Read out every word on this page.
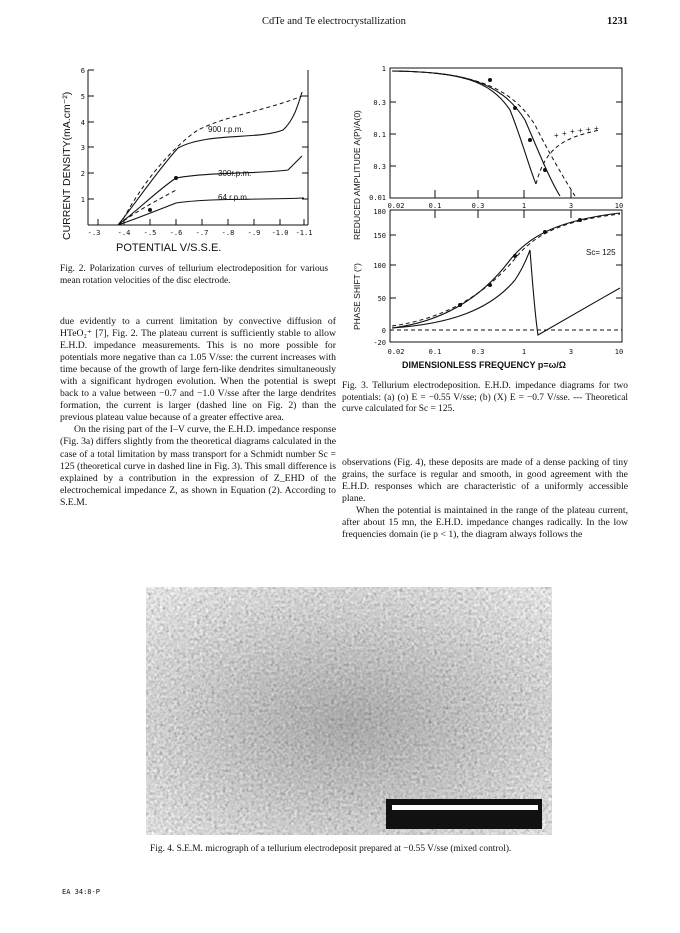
CdTe and Te electrocrystallization	1231
CURRENT DENSITY(mA.cm⁻²) 1
2
3
4
5
6
-.3 -.4 -.5 -.6 -.7 -.8 -.9 -1.0 -1.1
POTENTIAL V/S.S.E.
900 r.p.m.
300r.p.m.
64 r.p.m.
Fig. 2. Polarization curves of tellurium electrodeposition for various mean rotation velocities of the disc electrode.
REDUCED AMPLITUDE A(P)/A(0)
1
0.3
0.1
0.3
0.01
0.02	0.1	0.3	1	3	10
+ + + + + +
PHASE SHIFT (°)
180
150
100
50
0
-20
0.02	0.1	0.3	1	3	10
Sc= 125
DIMENSIONLESS FREQUENCY p=ω/Ω
Fig. 3. Tellurium electrodeposition. E.H.D. impedance diagrams for two potentials: (a) (o) E = −0.55 V/sse; (b) (X) E = −0.7 V/sse. --- Theoretical curve calculated for Sc = 125.

due evidently to a current limitation by convective diffusion of HTeO₂⁺ [7], Fig. 2. The plateau current is sufficiently stable to allow E.H.D. impedance measurements. This is no more possible for potentials more negative than ca 1.05 V/sse: the current increases with time because of the growth of large fern-like dendrites simultaneously with a significant hydrogen evolution. When the potential is swept back to a value between −0.7 and −1.0 V/sse after the large dendrites formation, the current is larger (dashed line on Fig. 2) than the previous plateau value because of a greater effective area.

On the rising part of the I–V curve, the E.H.D. impedance response (Fig. 3a) differs slightly from the theoretical diagrams calculated in the case of a total limitation by mass transport for a Schmidt number Sc = 125 (theoretical curve in dashed line in Fig. 3). This small difference is explained by a contribution in the expression of Z_EHD of the electrochemical impedance Z, as shown in Equation (2). According to S.E.M.

observations (Fig. 4), these deposits are made of a dense packing of tiny grains, the surface is regular and smooth, in good agreement with the E.H.D. responses which are characteristic of a uniformly accessible plane.

When the potential is maintained in the range of the plateau current, after about 15 mn, the E.H.D. impedance changes radically. In the low frequencies domain (ie p < 1), the diagram always follows the

40μm
Fig. 4. S.E.M. micrograph of a tellurium electrodeposit prepared at −0.55 V/sse (mixed control).
EA 34:8-P
